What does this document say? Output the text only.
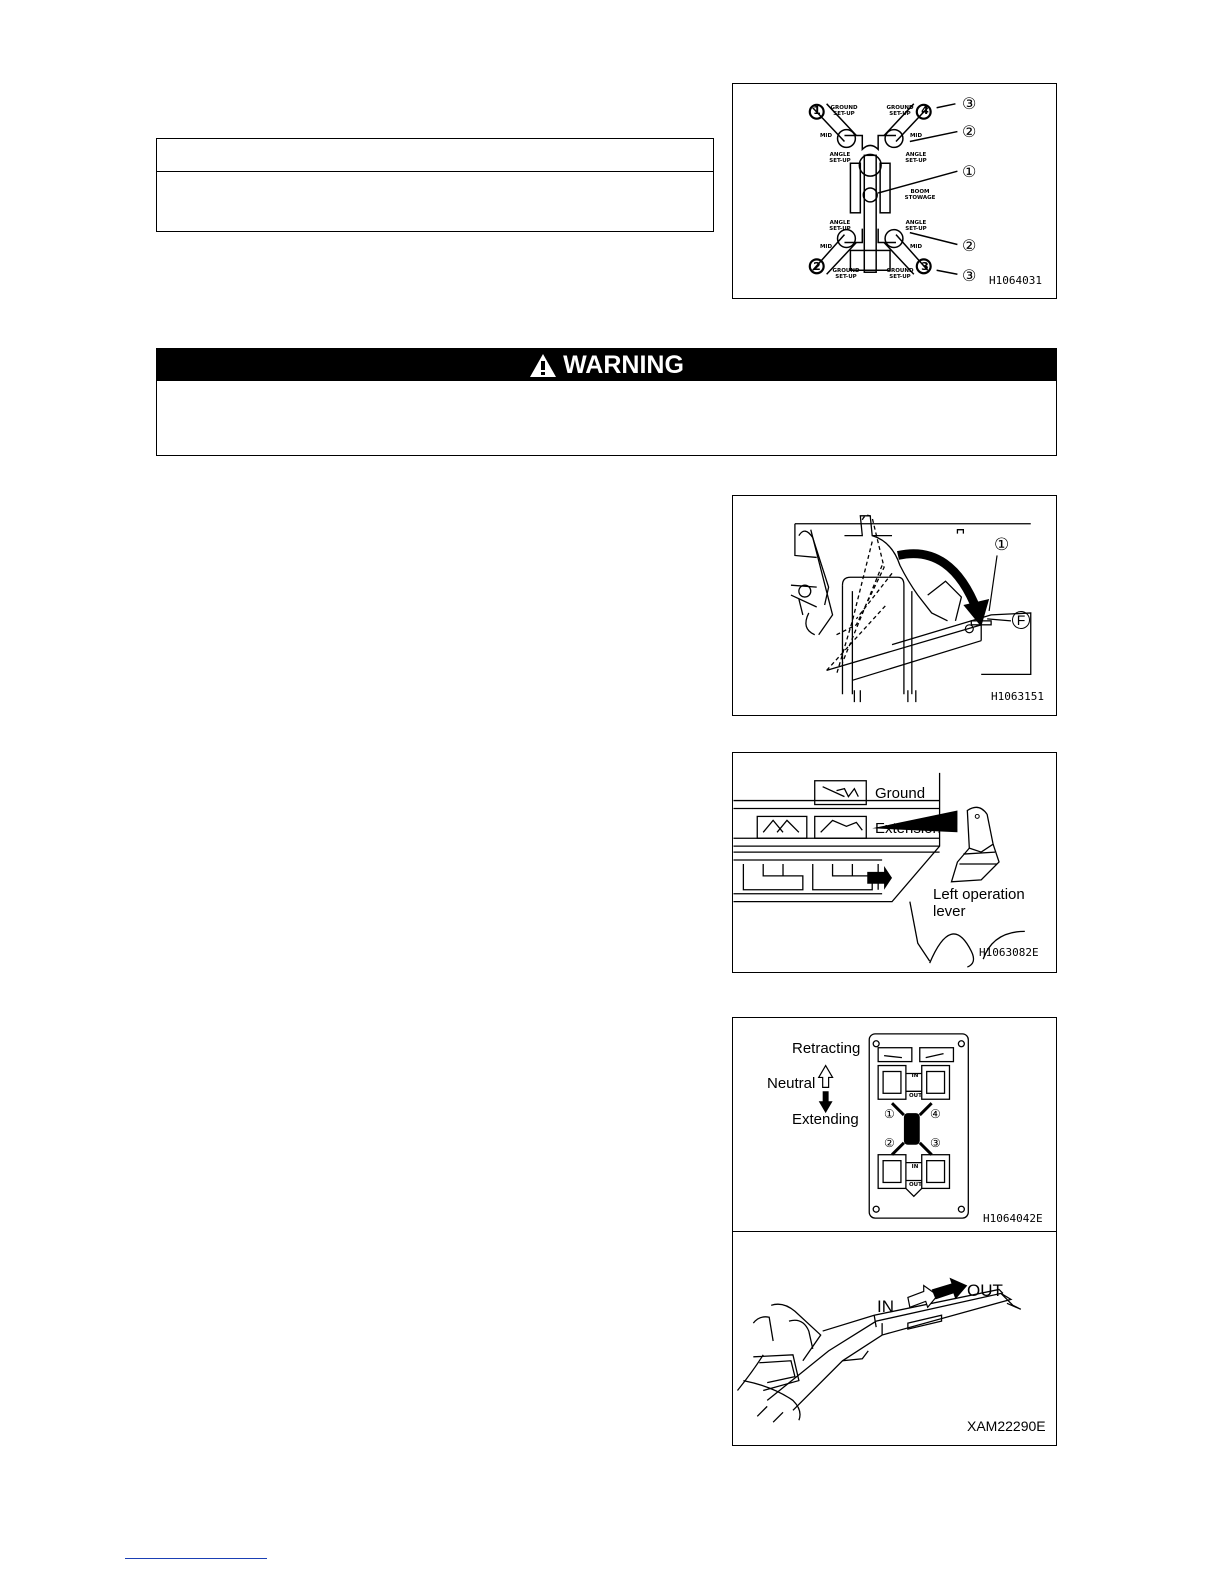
1	4
2	3
GROUND
SET-UP
GROUND
SET-UP
GROUND
SET-UP
GROUND
SET-UP
MID	MID
MID	MID
ANGLE
SET-UP
ANGLE
SET-UP
ANGLE
SET-UP
ANGLE
SET-UP
BOOM
STOWAGE
③
②
①
②
③ H1064031
WARNING
①
F
H1063151
Ground
Extension
Left operation
lever
H1063082E
Retracting
Neutral
Extending
IN
OUT
IN
OUT
①	④
②	③
H1064042E
IN
OUT
XAM22290E
